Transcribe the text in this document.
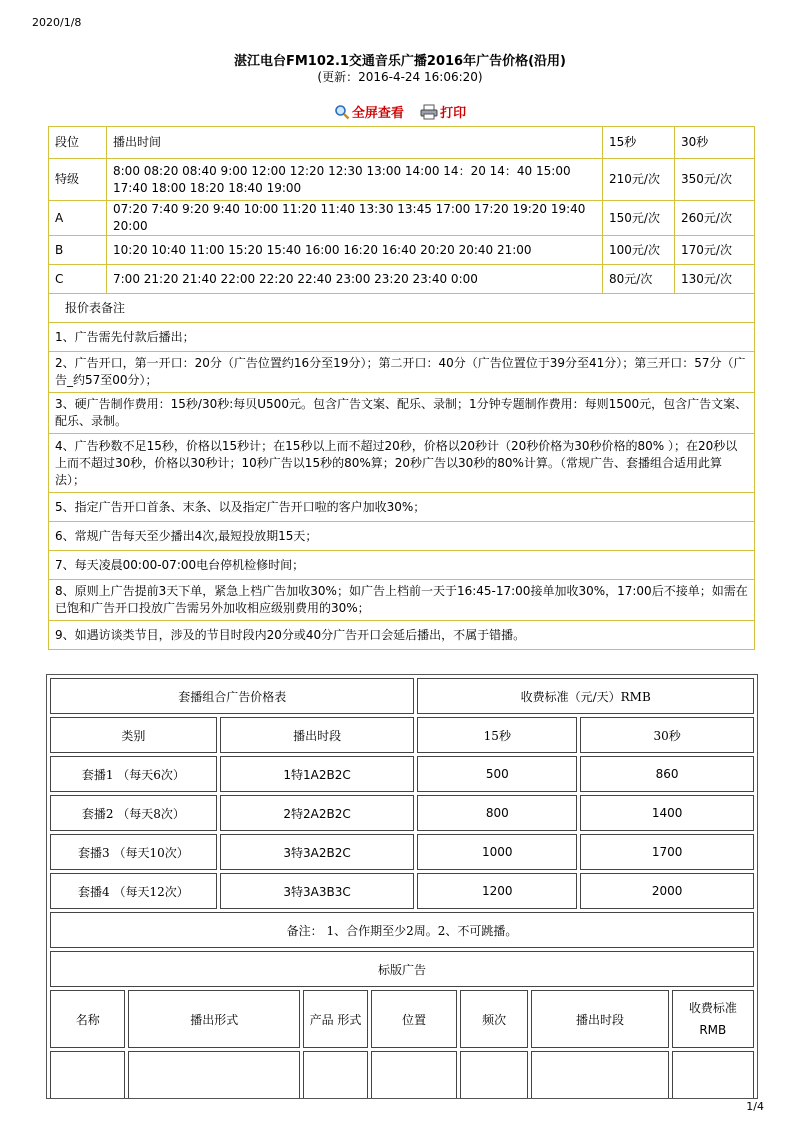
2020/1/8
湛江电台FM102.1交通音乐广播2016年广告价格(沿用)
(更新：2016-4-24 16:06:20)
全屏查看
	打印
段位	播出时间	15秒	30秒
特级	8:00 08:20 08:40 9:00 12:00 12:20 12:30 13:00 14:00 14：20 14：40 15:00 17:40 18:00 18:20 18:40 19:00	210元/次	350元/次
A	07:20 7:40 9:20 9:40 10:00 11:20 11:40 13:30 13:45 17:00 17:20 19:20 19:40 20:00	150元/次	260元/次
B	10:20 10:40 11:00 15:20 15:40 16:00 16:20 16:40 20:20 20:40 21:00	100元/次	170元/次
C	7:00 21:20 21:40 22:00 22:20 22:40 23:00 23:20 23:40 0:00	80元/次	130元/次
报价表备注			
1、广告需先付款后播出；			
2、广告开口，第一开口：20分（广告位置约16分至19分）；第二开口：40分（广告位置位于39分至41分）；第三开口：57分（广告_约57至00分）；			
3、硬广告制作费用：15秒/30秒:每贝U500元。包含广告文案、配乐、录制；1分钟专题制作费用：每则1500元，包含广告文案、配乐、录制。			
4、广告秒数不足15秒，价格以15秒计；在15秒以上而不超过20秒，价格以20秒计（20秒价格为30秒价格的80% ）；在20秒以上而不超过30秒，价格以30秒计；10秒广告以15秒的80%算；20秒广告以30秒的80%计算。（常规广告、套播组合适用此算法）；			
5、指定广告开口首条、末条、以及指定广告开口啦的客户加收30%；			
6、常规广告每天至少播出4次,最短投放期15天；			
7、每天凌晨00:00-07:00电台停机检修时间；			
8、原则上广告提前3天下单，紧急上档广告加收30%；如广告上档前一天于16:45-17:00接单加收30%，17:00后不接单；如需在已饱和广告开口投放广告需另外加收相应级别费用的30%；			
9、如遇访谈类节目，涉及的节目时段内20分或40分广告开口会延后播出，不属于错播。			
套播组合广告价格表		收费标准（元/天）RMB	
类别	播出时段	15秒	30秒
套播1 （每天6次）	1特1A2B2C	500	860
套播2 （每天8次）	2特2A2B2C	800	1400
套播3 （每天10次）	3特3A2B2C	1000	1700
套播4 （每天12次）	3特3A3B3C	1200	2000
备注： 1、合作期至少2周。2、不可跳播。			
标版广告			
名称	播出形式	产品 形式	位置	频次	播出时段	收费标准
RMB

1/4
